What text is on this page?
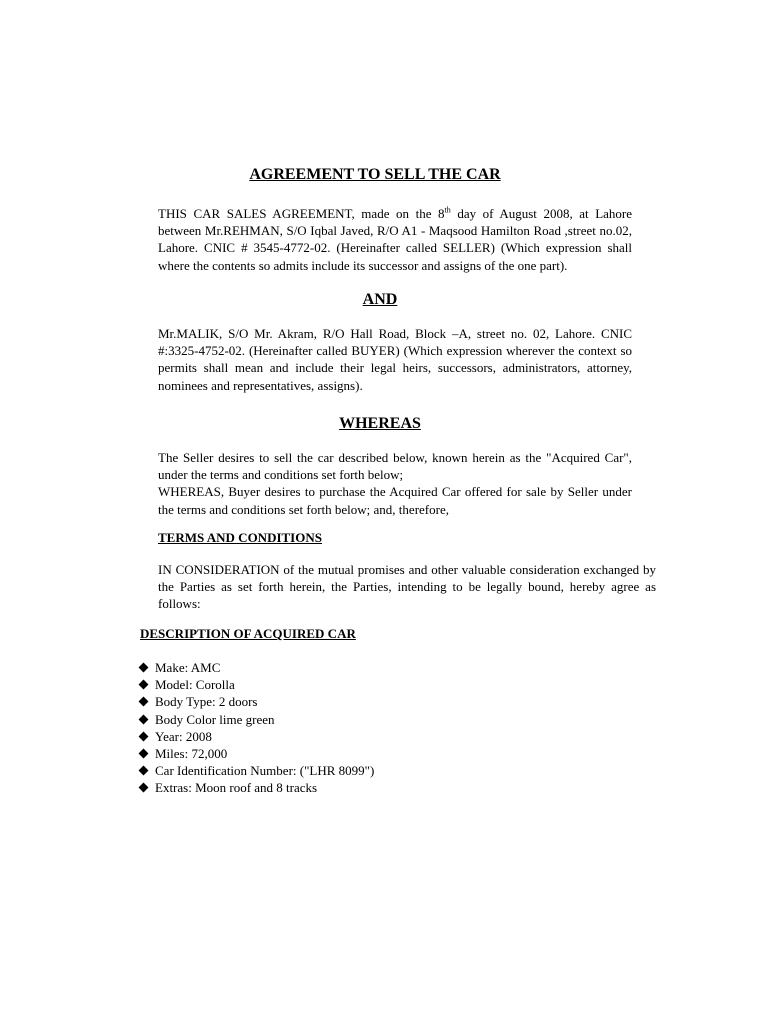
AGREEMENT TO SELL THE CAR
THIS CAR SALES AGREEMENT, made on the 8th day of August 2008, at Lahore between Mr.REHMAN, S/O Iqbal Javed, R/O A1 - Maqsood Hamilton Road ,street no.02, Lahore. CNIC # 3545-4772-02. (Hereinafter called SELLER) (Which expression shall where the contents so admits include its successor and assigns of the one part).
AND
Mr.MALIK, S/O Mr. Akram, R/O Hall Road, Block –A, street no. 02, Lahore. CNIC #:3325-4752-02. (Hereinafter called BUYER) (Which expression wherever the context so permits shall mean and include their legal heirs, successors, administrators, attorney, nominees and representatives, assigns).
WHEREAS
The Seller desires to sell the car described below, known herein as the "Acquired Car", under the terms and conditions set forth below;
WHEREAS, Buyer desires to purchase the Acquired Car offered for sale by Seller under the terms and conditions set forth below; and, therefore,
TERMS AND CONDITIONS
IN CONSIDERATION of the mutual promises and other valuable consideration exchanged by the Parties as set forth herein, the Parties, intending to be legally bound, hereby agree as follows:
DESCRIPTION OF ACQUIRED CAR
Make: AMC
Model: Corolla
Body Type: 2 doors
Body Color lime green
Year: 2008
Miles: 72,000
Car Identification Number: ("LHR 8099")
Extras: Moon roof and 8 tracks
